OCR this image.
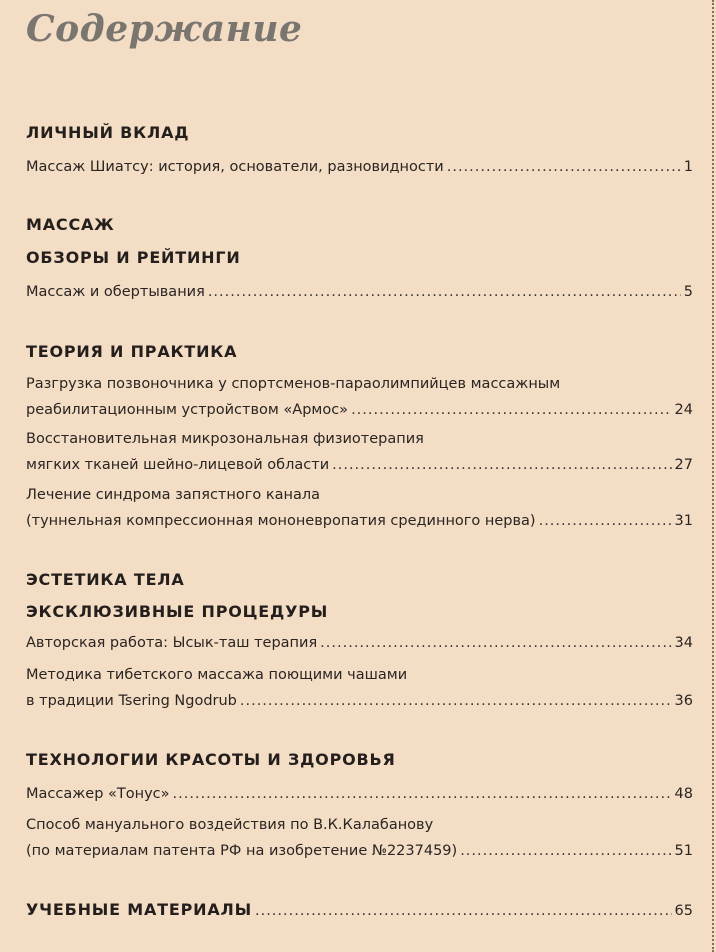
Содержание
ЛИЧНЫЙ ВКЛАД
Массаж Шиатсу: история, основатели, разновидности .....	1
МАССАЖ
ОБЗОРЫ И РЕЙТИНГИ
Массаж и обертывания .....	5
ТЕОРИЯ И ПРАКТИКА
Разгрузка позвоночника у спортсменов-параолимпийцев массажным
реабилитационным устройством «Армос» .....	24
Восстановительная микрозональная физиотерапия
мягких тканей шейно-лицевой области .....	27
Лечение синдрома запястного канала
(туннельная компрессионная мононевропатия срединного нерва) .....	31
ЭСТЕТИКА ТЕЛА
ЭКСКЛЮЗИВНЫЕ ПРОЦЕДУРЫ
Авторская работа: Ысык-таш терапия .....	34
Методика тибетского массажа поющими чашами
в традиции Tsering Ngodrub .....	36
ТЕХНОЛОГИИ КРАСОТЫ И ЗДОРОВЬЯ
Массажер «Тонус» .....	48
Способ мануального воздействия по В.К.Калабанову
(по материалам патента РФ на изобретение №2237459) .....	51
УЧЕБНЫЕ МАТЕРИАЛЫ .....	65
